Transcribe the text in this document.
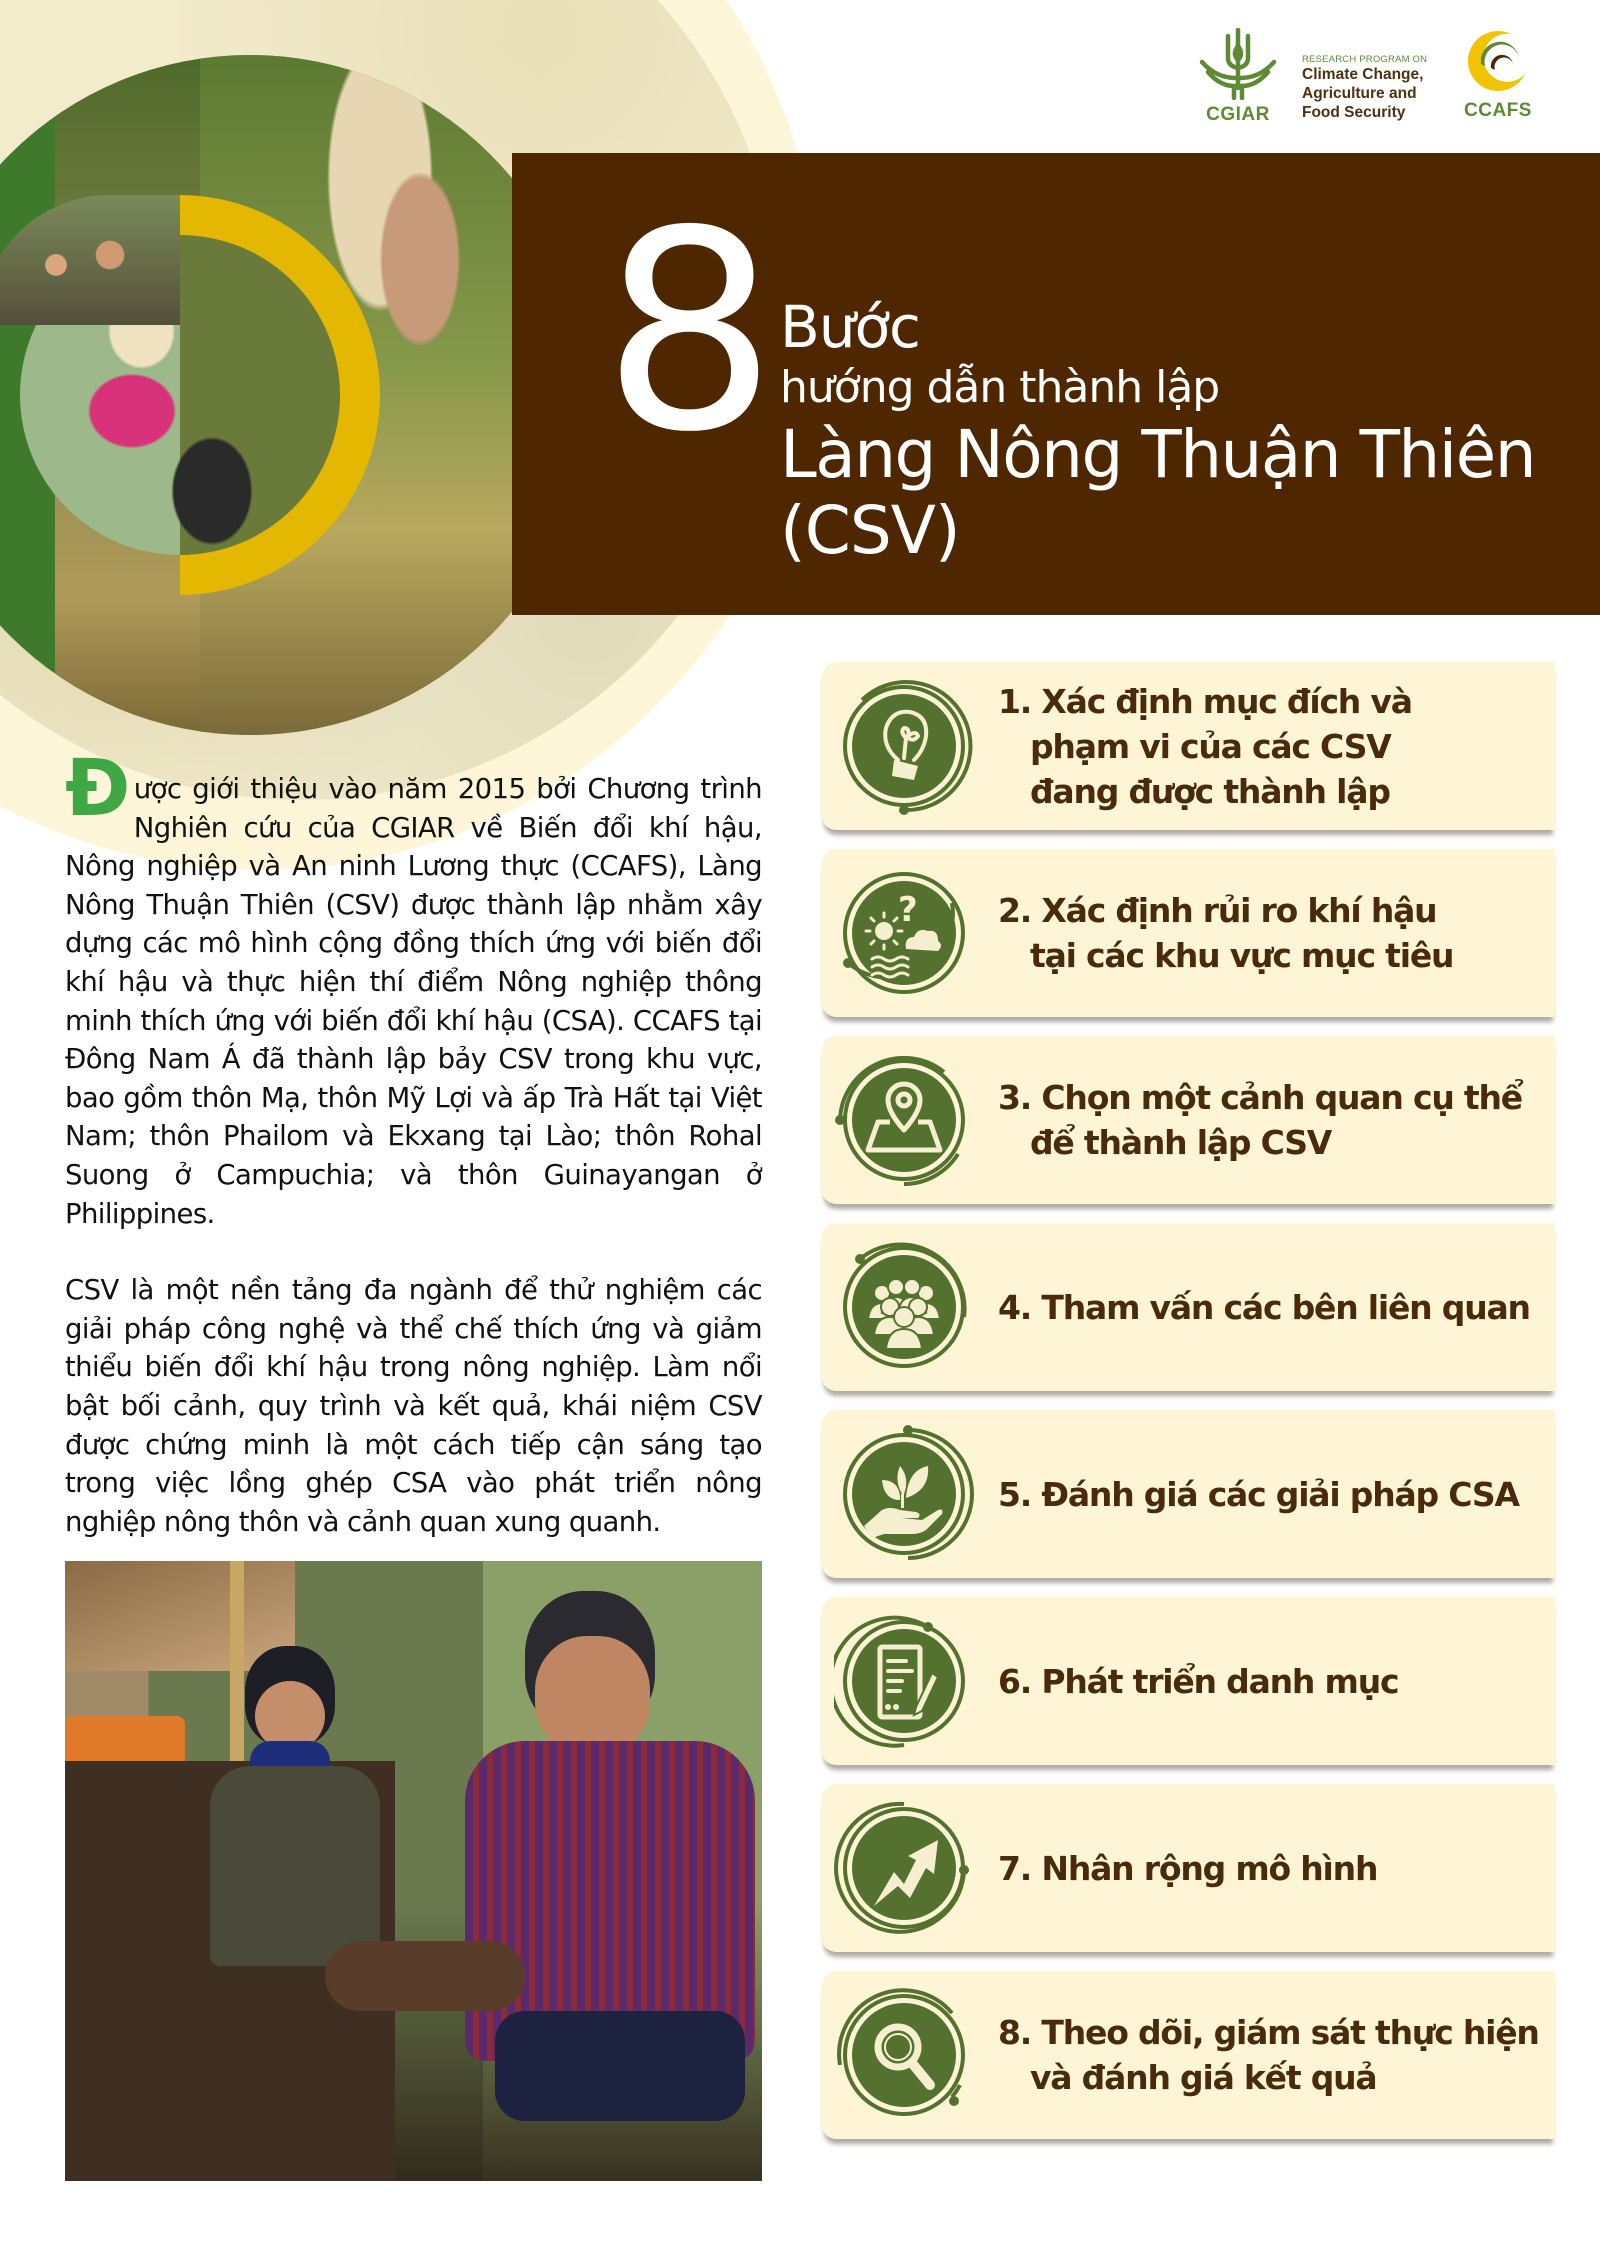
CGIAR
RESEARCH PROGRAM ON
Climate Change,
Agriculture and
Food Security	CCAFS
8 Bước
hướng dẫn thành lập
Làng Nông Thuận Thiên
(CSV)

Được giới thiệu vào năm 2015 bởi Chương trình Nghiên cứu của CGIAR về Biến đổi khí hậu, Nông nghiệp và An ninh Lương thực (CCAFS), Làng Nông Thuận Thiên (CSV) được thành lập nhằm xây dựng các mô hình cộng đồng thích ứng với biến đổi khí hậu và thực hiện thí điểm Nông nghiệp thông minh thích ứng với biến đổi khí hậu (CSA). CCAFS tại Đông Nam Á đã thành lập bảy CSV trong khu vực, bao gồm thôn Mạ, thôn Mỹ Lợi và ấp Trà Hất tại Việt Nam; thôn Phailom và Ekxang tại Lào; thôn Rohal Suong ở Campuchia; và thôn Guinayangan ở Philippines.

CSV là một nền tảng đa ngành để thử nghiệm các giải pháp công nghệ và thể chế thích ứng và giảm thiểu biến đổi khí hậu trong nông nghiệp. Làm nổi bật bối cảnh, quy trình và kết quả, khái niệm CSV được chứng minh là một cách tiếp cận sáng tạo trong việc lồng ghép CSA vào phát triển nông nghiệp nông thôn và cảnh quan xung quanh.

1. Xác định mục đích và
phạm vi của các CSV
đang được thành lập
? 2. Xác định rủi ro khí hậu
tại các khu vực mục tiêu
3. Chọn một cảnh quan cụ thể
để thành lập CSV
4. Tham vấn các bên liên quan
5. Đánh giá các giải pháp CSA
6. Phát triển danh mục
7. Nhân rộng mô hình
8. Theo dõi, giám sát thực hiện
và đánh giá kết quả
